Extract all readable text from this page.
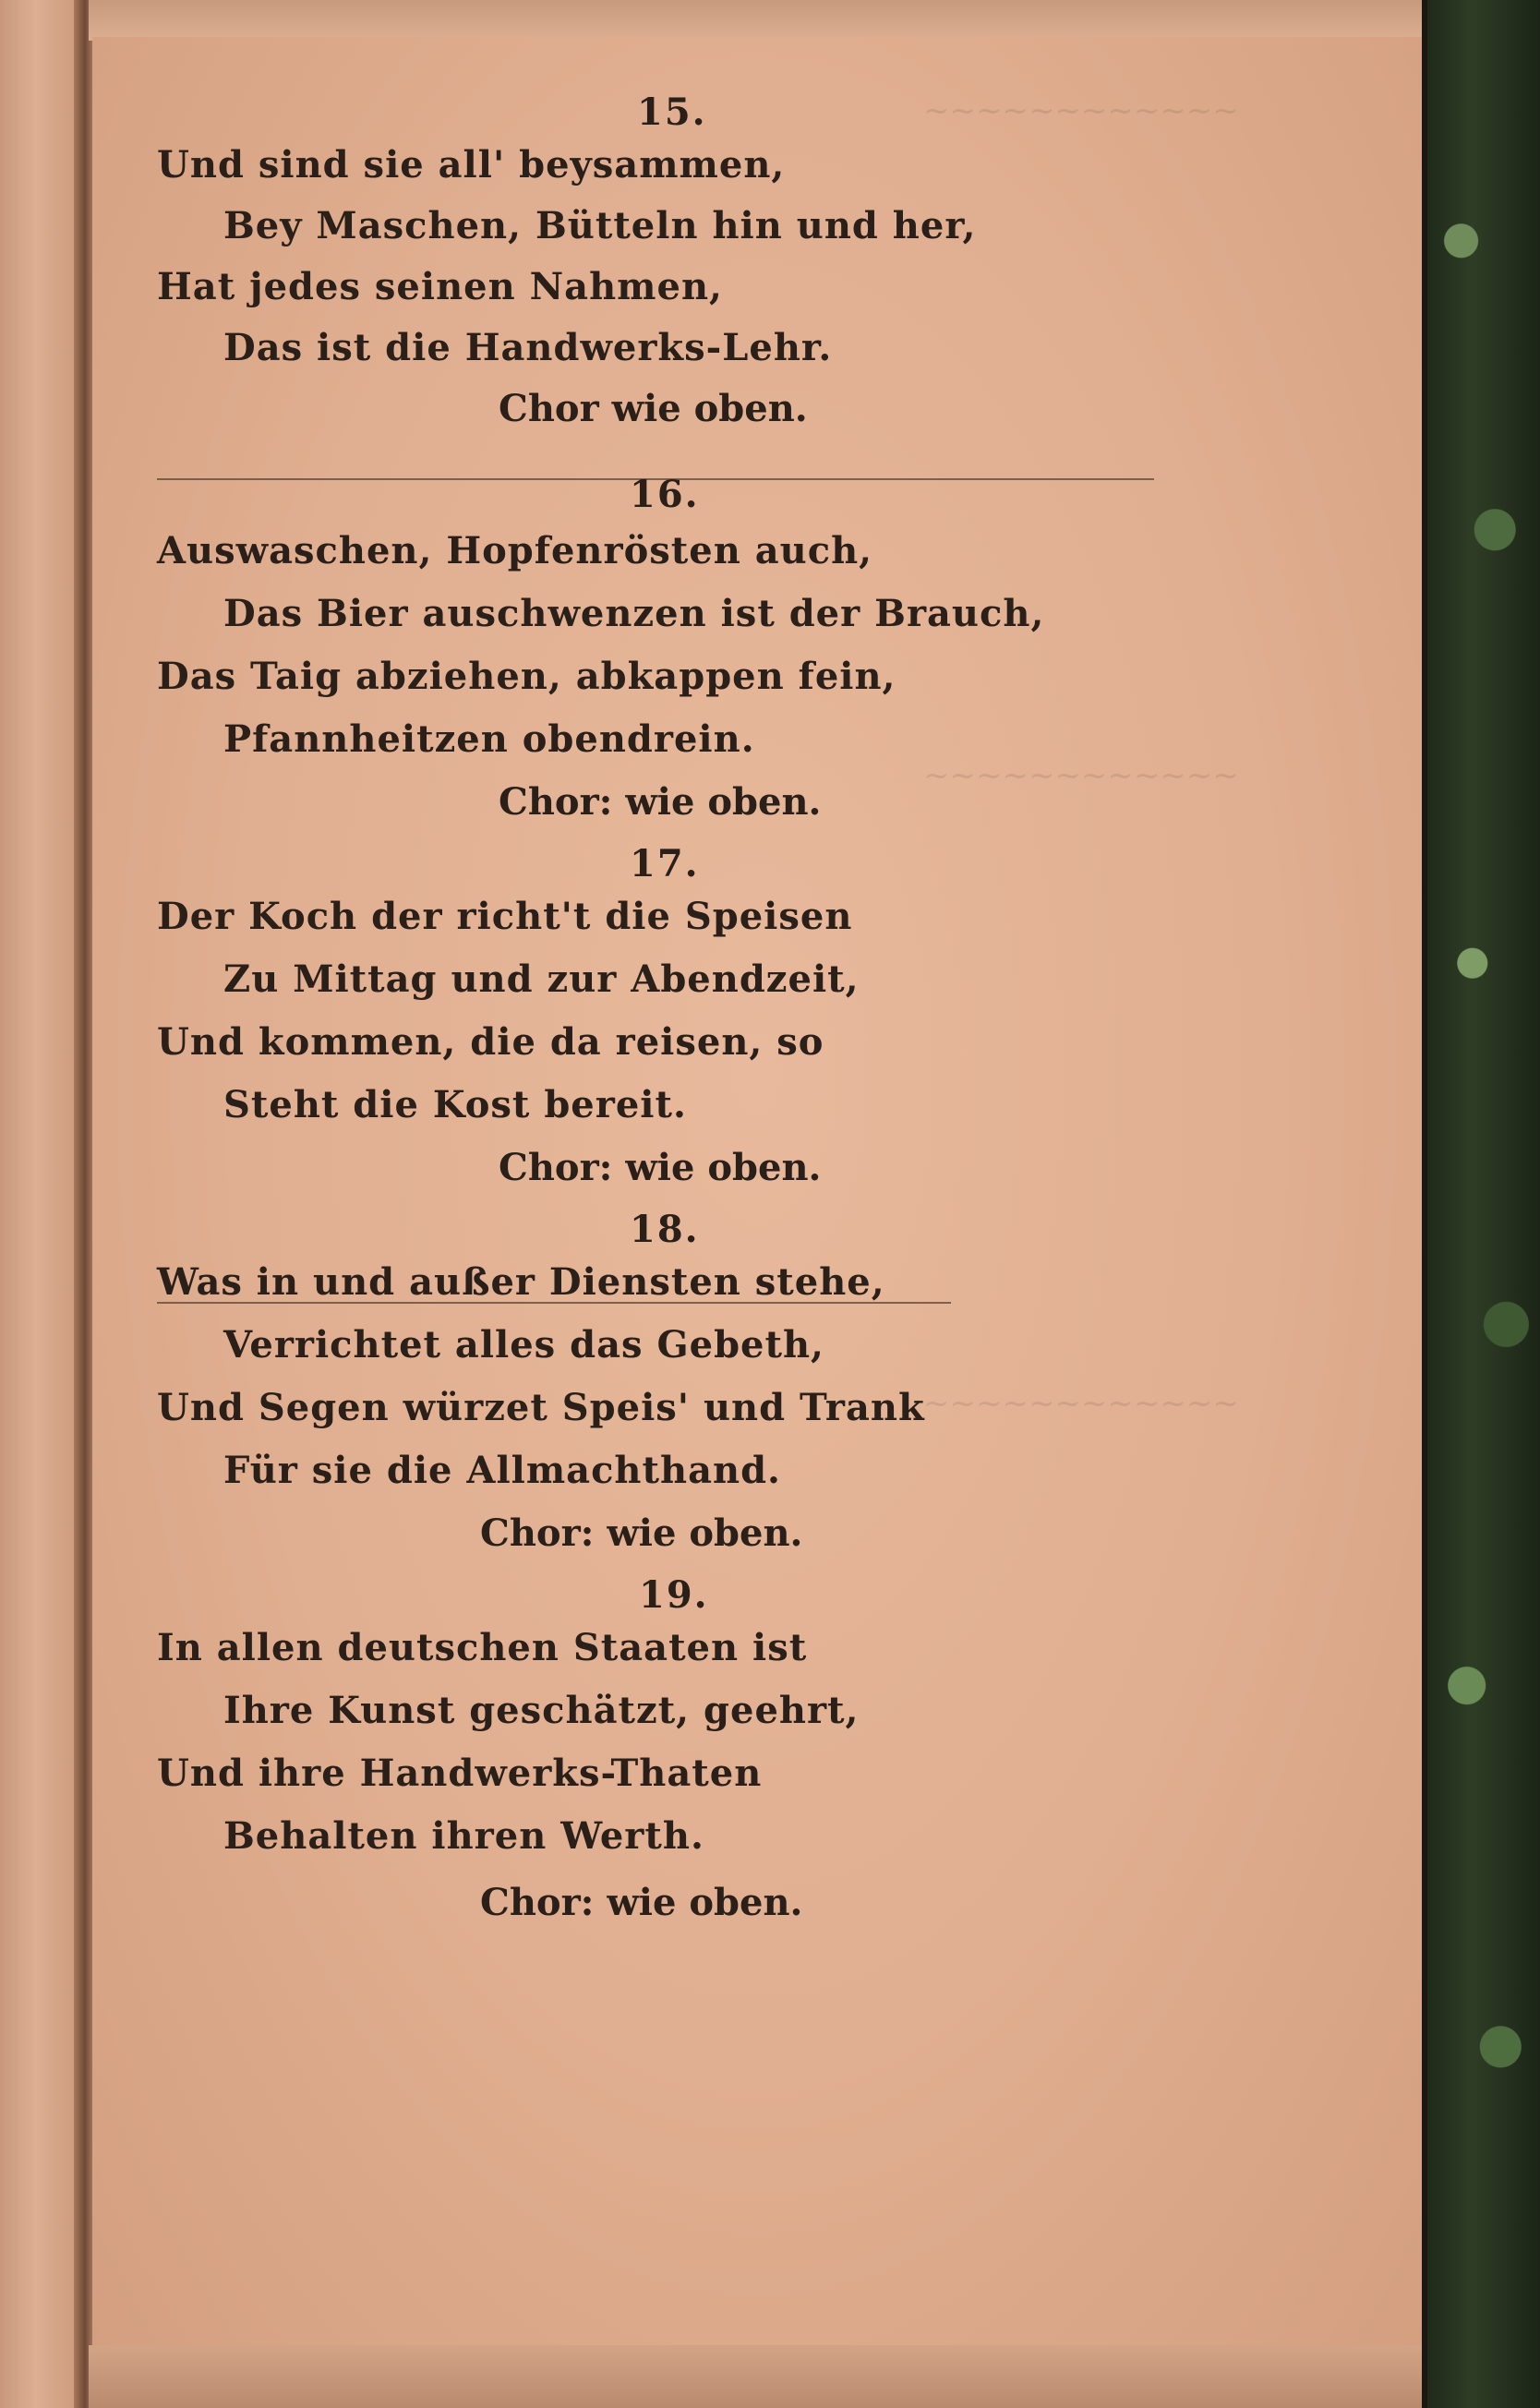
~~~~~~~~~~~~
~~~~~~~~~~~~
~~~~~~~~~~~~
15.
Und sind sie all' beysammen,
Bey Maschen, Bütteln hin und her,
Hat jedes seinen Nahmen,
Das ist die Handwerks-Lehr.
Chor wie oben.
16.
Auswaschen, Hopfenrösten auch,
Das Bier auschwenzen ist der Brauch,
Das Taig abziehen, abkappen fein,
Pfannheitzen obendrein.
Chor: wie oben.
17.
Der Koch der richt't die Speisen
Zu Mittag und zur Abendzeit,
Und kommen, die da reisen, so
Steht die Kost bereit.
Chor: wie oben.
18.
Was in und außer Diensten stehe,
Verrichtet alles das Gebeth,
Und Segen würzet Speis' und Trank
Für sie die Allmachthand.
Chor: wie oben.
19.
In allen deutschen Staaten ist
Ihre Kunst geschätzt, geehrt,
Und ihre Handwerks-Thaten
Behalten ihren Werth.
Chor: wie oben.
